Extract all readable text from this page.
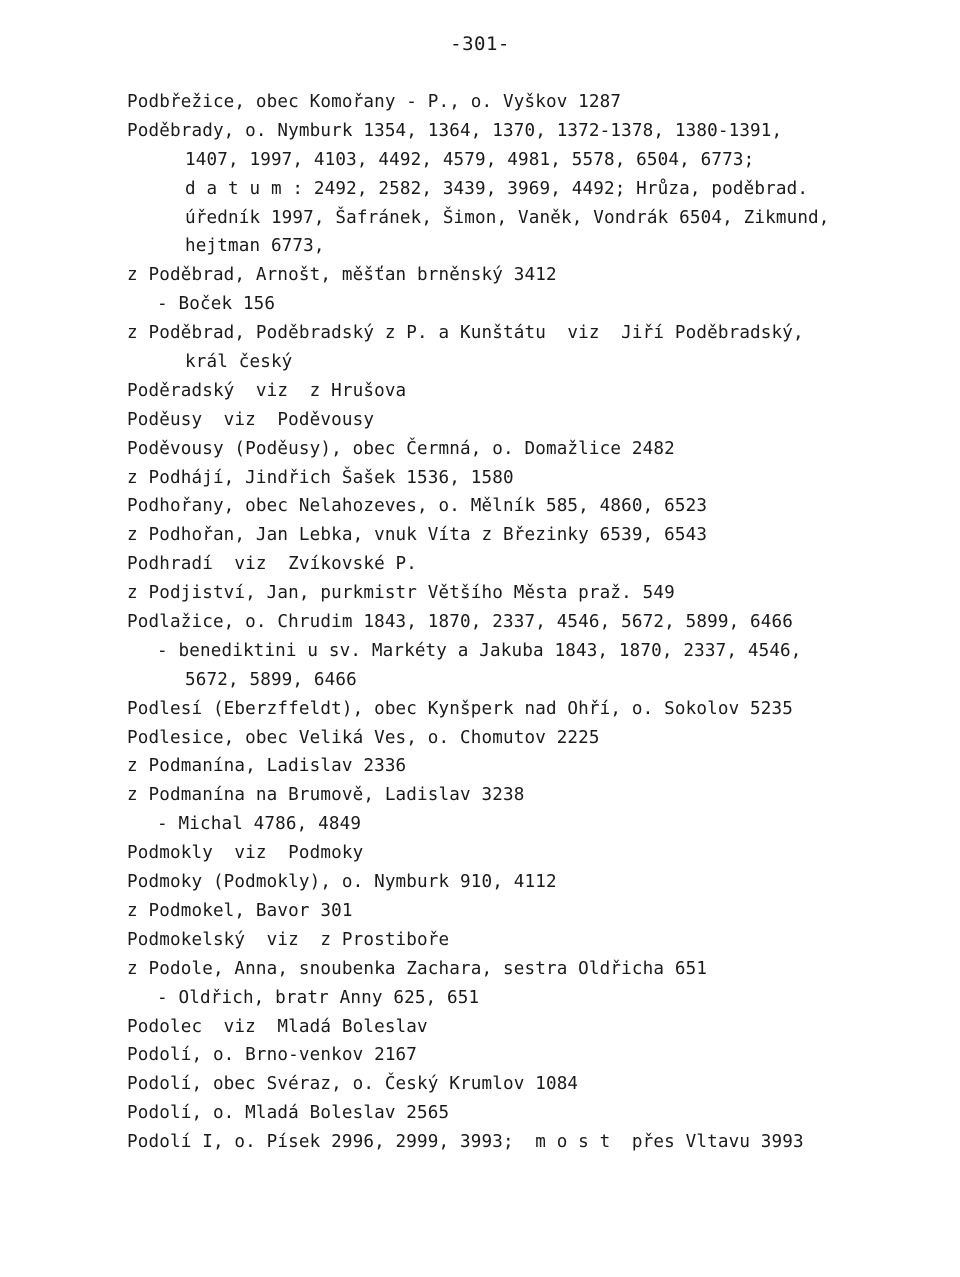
-301-
Podbřežice, obec Komořany - P., o. Vyškov 1287
Poděbrady, o. Nymburk 1354, 1364, 1370, 1372-1378, 1380-1391,
1407, 1997, 4103, 4492, 4579, 4981, 5578, 6504, 6773;
d a t u m : 2492, 2582, 3439, 3969, 4492; Hrůza, poděbrad.
úředník 1997, Šafránek, Šimon, Vaněk, Vondrák 6504, Zikmund,
hejtman 6773,
z Poděbrad, Arnošt, měšťan brněnský 3412
- Boček 156
z Poděbrad, Poděbradský z P. a Kunštátu  viz  Jiří Poděbradský,
král český
Poděradský  viz  z Hrušova
Poděusy  viz  Poděvousy
Poděvousy (Poděusy), obec Čermná, o. Domažlice 2482
z Podhájí, Jindřich Šašek 1536, 1580
Podhořany, obec Nelahozeves, o. Mělník 585, 4860, 6523
z Podhořan, Jan Lebka, vnuk Víta z Březinky 6539, 6543
Podhradí  viz  Zvíkovské P.
z Podjiství, Jan, purkmistr Většího Města praž. 549
Podlažice, o. Chrudim 1843, 1870, 2337, 4546, 5672, 5899, 6466
- benediktini u sv. Markéty a Jakuba 1843, 1870, 2337, 4546,
5672, 5899, 6466
Podlesí (Eberzffeldt), obec Kynšperk nad Ohří, o. Sokolov 5235
Podlesice, obec Veliká Ves, o. Chomutov 2225
z Podmanína, Ladislav 2336
z Podmanína na Brumově, Ladislav 3238
- Michal 4786, 4849
Podmokly  viz  Podmoky
Podmoky (Podmokly), o. Nymburk 910, 4112
z Podmokel, Bavor 301
Podmokelský  viz  z Prostiboře
z Podole, Anna, snoubenka Zachara, sestra Oldřicha 651
- Oldřich, bratr Anny 625, 651
Podolec  viz  Mladá Boleslav
Podolí, o. Brno-venkov 2167
Podolí, obec Svéraz, o. Český Krumlov 1084
Podolí, o. Mladá Boleslav 2565
Podolí I, o. Písek 2996, 2999, 3993;  m o s t  přes Vltavu 3993
